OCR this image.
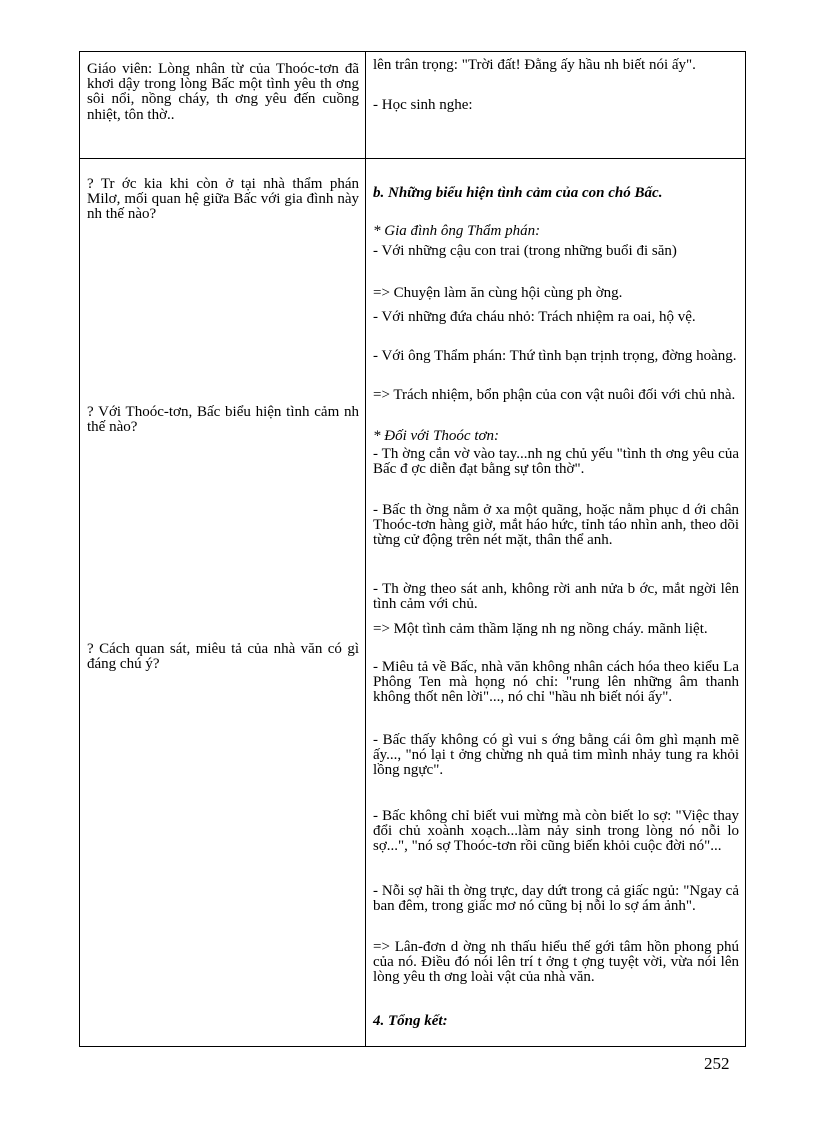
Giáo viên: Lòng nhân từ của Thoóc-tơn đã khơi dậy trong lòng Bấc một tình yêu th ơng sôi nổi, nồng cháy, th ơng yêu đến cuồng nhiệt, tôn thờ..
? Tr ớc kia khi còn ở tại nhà thẩm phán Milơ, mối quan hệ giữa Bấc với gia đình này nh thế nào?
? Với Thoóc-tơn, Bấc biểu hiện tình cảm nh thế nào?
? Cách quan sát, miêu tả của nhà văn có gì đáng chú ý?
lên trân trọng: "Trời đất! Đằng ấy hầu nh biết nói ấy".
- Học sinh nghe:
b. Những biểu hiện tình cảm của con chó Bấc.
* Gia đình ông Thẩm phán:
- Với những cậu con trai (trong những buổi đi săn)
=> Chuyện làm ăn cùng hội cùng ph ờng.
- Với những đứa cháu nhỏ: Trách nhiệm ra oai, hộ vệ.
- Với ông Thẩm phán: Thứ tình bạn trịnh trọng, đờng hoàng.
=> Trách nhiệm, bổn phận của con vật nuôi đối với chủ nhà.
* Đối với Thoóc tơn:
- Th ờng cắn vờ vào tay...nh ng chủ yếu "tình th ơng yêu của Bấc đ ợc diễn đạt bằng sự tôn thờ".
- Bấc th ờng nằm ở xa một quãng, hoặc nằm phục d ới chân Thoóc-tơn hàng giờ, mắt háo hức, tỉnh táo nhìn anh, theo dõi từng cử động trên nét mặt, thân thể anh.
- Th ờng theo sát anh, không rời anh nửa b ớc, mắt ngời lên tình cảm với chủ.
=> Một tình cảm thầm lặng nh ng nồng cháy. mãnh liệt.
- Miêu tả về Bấc, nhà văn không nhân cách hóa theo kiểu La Phông Ten mà họng nó chỉ: "rung lên những âm thanh không thốt nên lời"..., nó chỉ "hầu nh biết nói ấy".
- Bấc thấy không có gì vui s ớng bằng cái ôm ghì mạnh mẽ ấy..., "nó lại t ởng chừng nh quả tim mình nhảy tung ra khỏi lồng ngực".
- Bấc không chỉ biết vui mừng mà còn biết lo sợ: "Việc thay đổi chủ xoành xoạch...làm nảy sinh trong lòng nó nỗi lo sợ...", "nó sợ Thoóc-tơn rồi cũng biến khỏi cuộc đời nó"...
- Nỗi sợ hãi th ờng trực, day dứt trong cả giấc ngủ: "Ngay cả ban đêm, trong giấc mơ nó cũng bị nỗi lo sợ ám ảnh".
=> Lân-đơn d ờng nh thấu hiểu thế gới tâm hồn phong phú của nó. Điều đó nói lên trí t ởng t ợng tuyệt vời, vừa nói lên lòng yêu th ơng loài vật của nhà văn.
4. Tổng kết:
252
